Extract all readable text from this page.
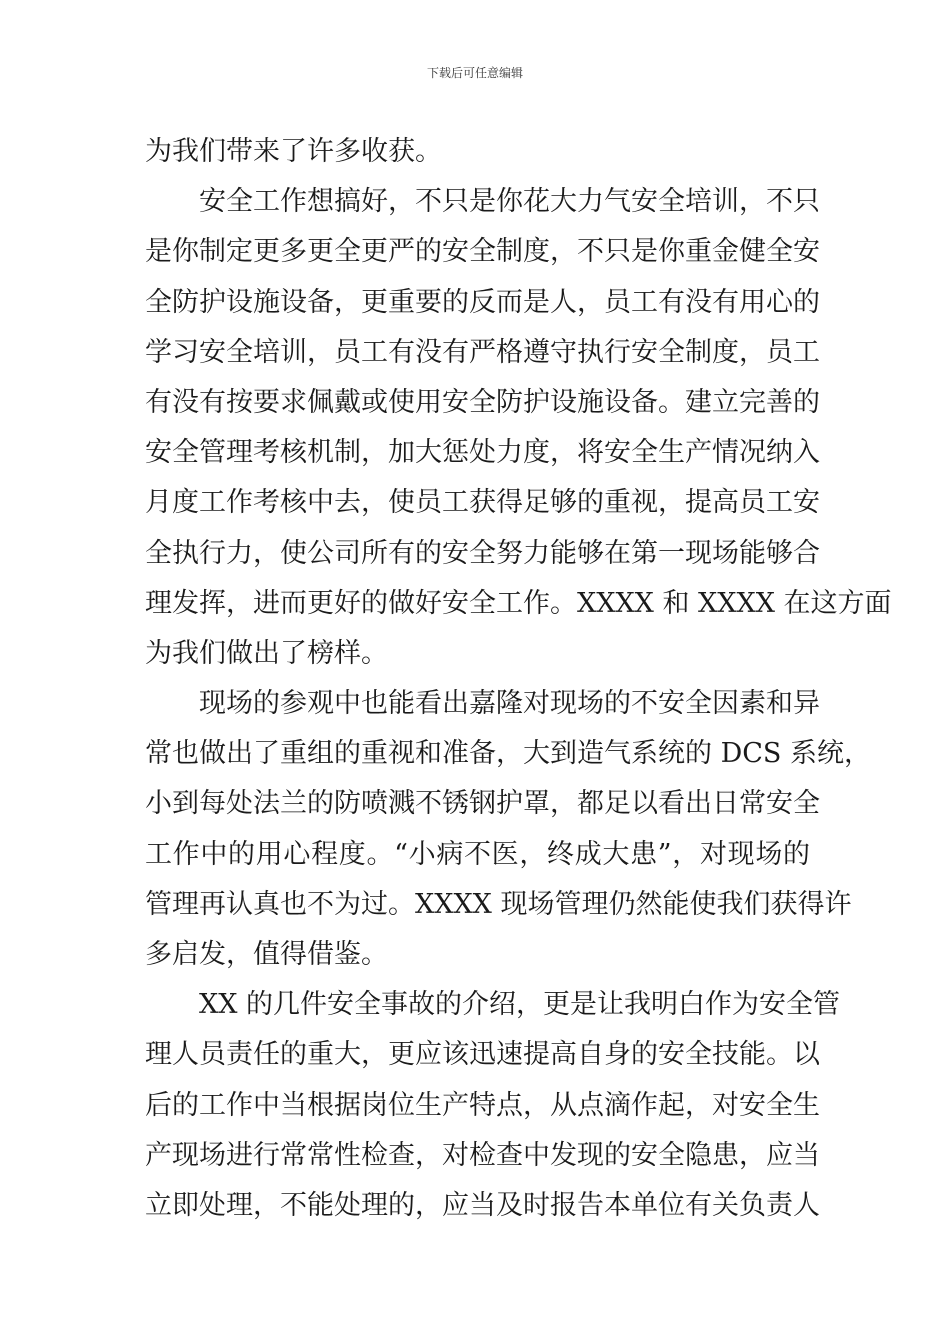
下载后可任意编辑
为我们带来了许多收获。
安全工作想搞好，不只是你花大力气安全培训，不只
是你制定更多更全更严的安全制度，不只是你重金健全安
全防护设施设备，更重要的反而是人，员工有没有用心的
学习安全培训，员工有没有严格遵守执行安全制度，员工
有没有按要求佩戴或使用安全防护设施设备。建立完善的
安全管理考核机制，加大惩处力度，将安全生产情况纳入
月度工作考核中去，使员工获得足够的重视，提高员工安
全执行力，使公司所有的安全努力能够在第一现场能够合
理发挥，进而更好的做好安全工作。XXXX 和 XXXX 在这方面
为我们做出了榜样。
现场的参观中也能看出嘉隆对现场的不安全因素和异
常也做出了重组的重视和准备，大到造气系统的 DCS 系统，
小到每处法兰的防喷溅不锈钢护罩，都足以看出日常安全
工作中的用心程度。“小病不医，终成大患”，对现场的
管理再认真也不为过。XXXX 现场管理仍然能使我们获得许
多启发，值得借鉴。
XX 的几件安全事故的介绍，更是让我明白作为安全管
理人员责任的重大，更应该迅速提高自身的安全技能。以
后的工作中当根据岗位生产特点，从点滴作起，对安全生
产现场进行常常性检查，对检查中发现的安全隐患，应当
立即处理，不能处理的，应当及时报告本单位有关负责人
